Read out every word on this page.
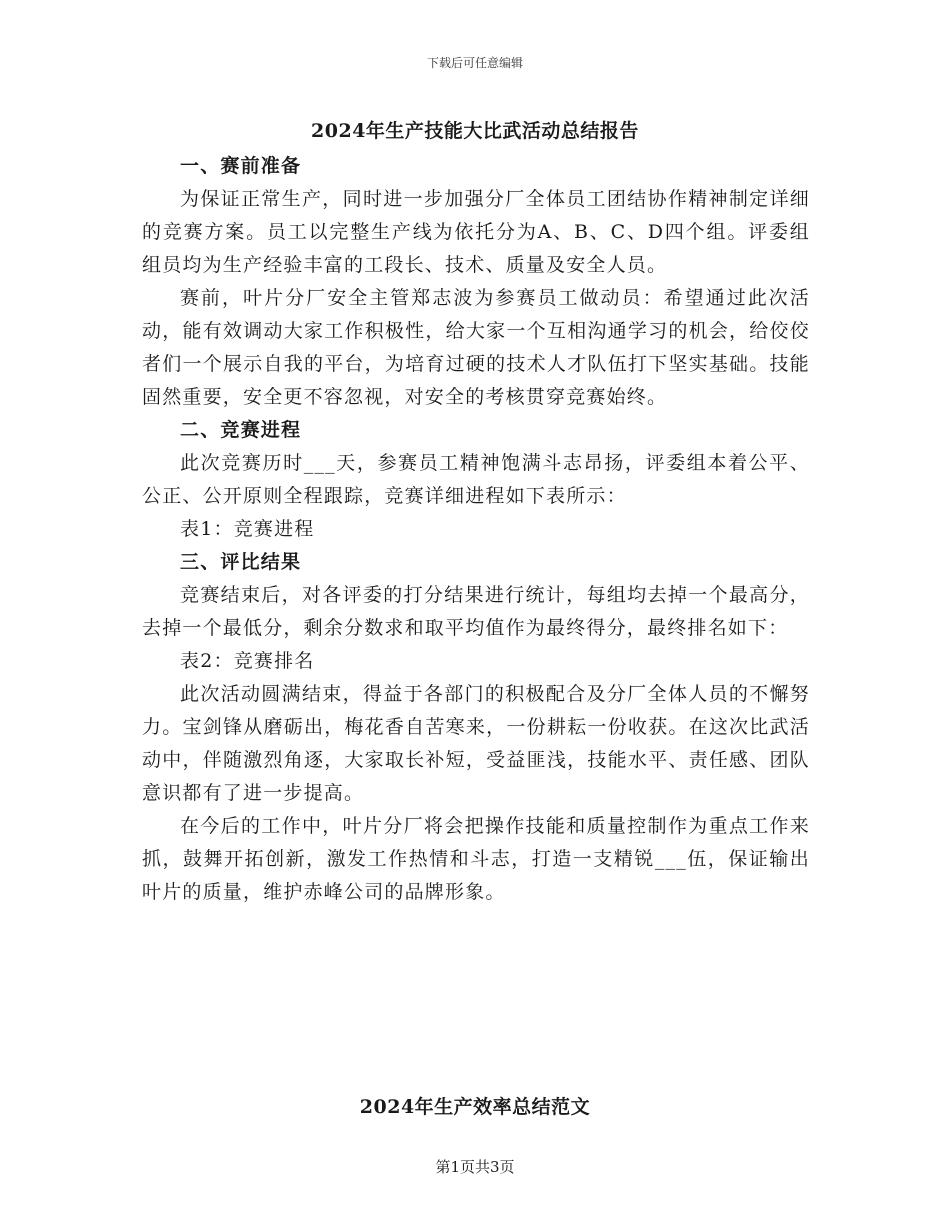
下载后可任意编辑
2024年生产技能大比武活动总结报告

一、赛前准备

为保证正常生产，同时进一步加强分厂全体员工团结协作精神制定详细的竞赛方案。员工以完整生产线为依托分为A、B、C、D四个组。评委组组员均为生产经验丰富的工段长、技术、质量及安全人员。

赛前，叶片分厂安全主管郑志波为参赛员工做动员：希望通过此次活动，能有效调动大家工作积极性，给大家一个互相沟通学习的机会，给佼佼者们一个展示自我的平台，为培育过硬的技术人才队伍打下坚实基础。技能固然重要，安全更不容忽视，对安全的考核贯穿竞赛始终。

二、竞赛进程

此次竞赛历时___天，参赛员工精神饱满斗志昂扬，评委组本着公平、公正、公开原则全程跟踪，竞赛详细进程如下表所示：

表1：竞赛进程

三、评比结果

竞赛结束后，对各评委的打分结果进行统计，每组均去掉一个最高分，去掉一个最低分，剩余分数求和取平均值作为最终得分，最终排名如下：

表2：竞赛排名

此次活动圆满结束，得益于各部门的积极配合及分厂全体人员的不懈努力。宝剑锋从磨砺出，梅花香自苦寒来，一份耕耘一份收获。在这次比武活动中，伴随激烈角逐，大家取长补短，受益匪浅，技能水平、责任感、团队意识都有了进一步提高。

在今后的工作中，叶片分厂将会把操作技能和质量控制作为重点工作来抓，鼓舞开拓创新，激发工作热情和斗志，打造一支精锐___伍，保证输出叶片的质量，维护赤峰公司的品牌形象。

2024年生产效率总结范文
第1页共3页
